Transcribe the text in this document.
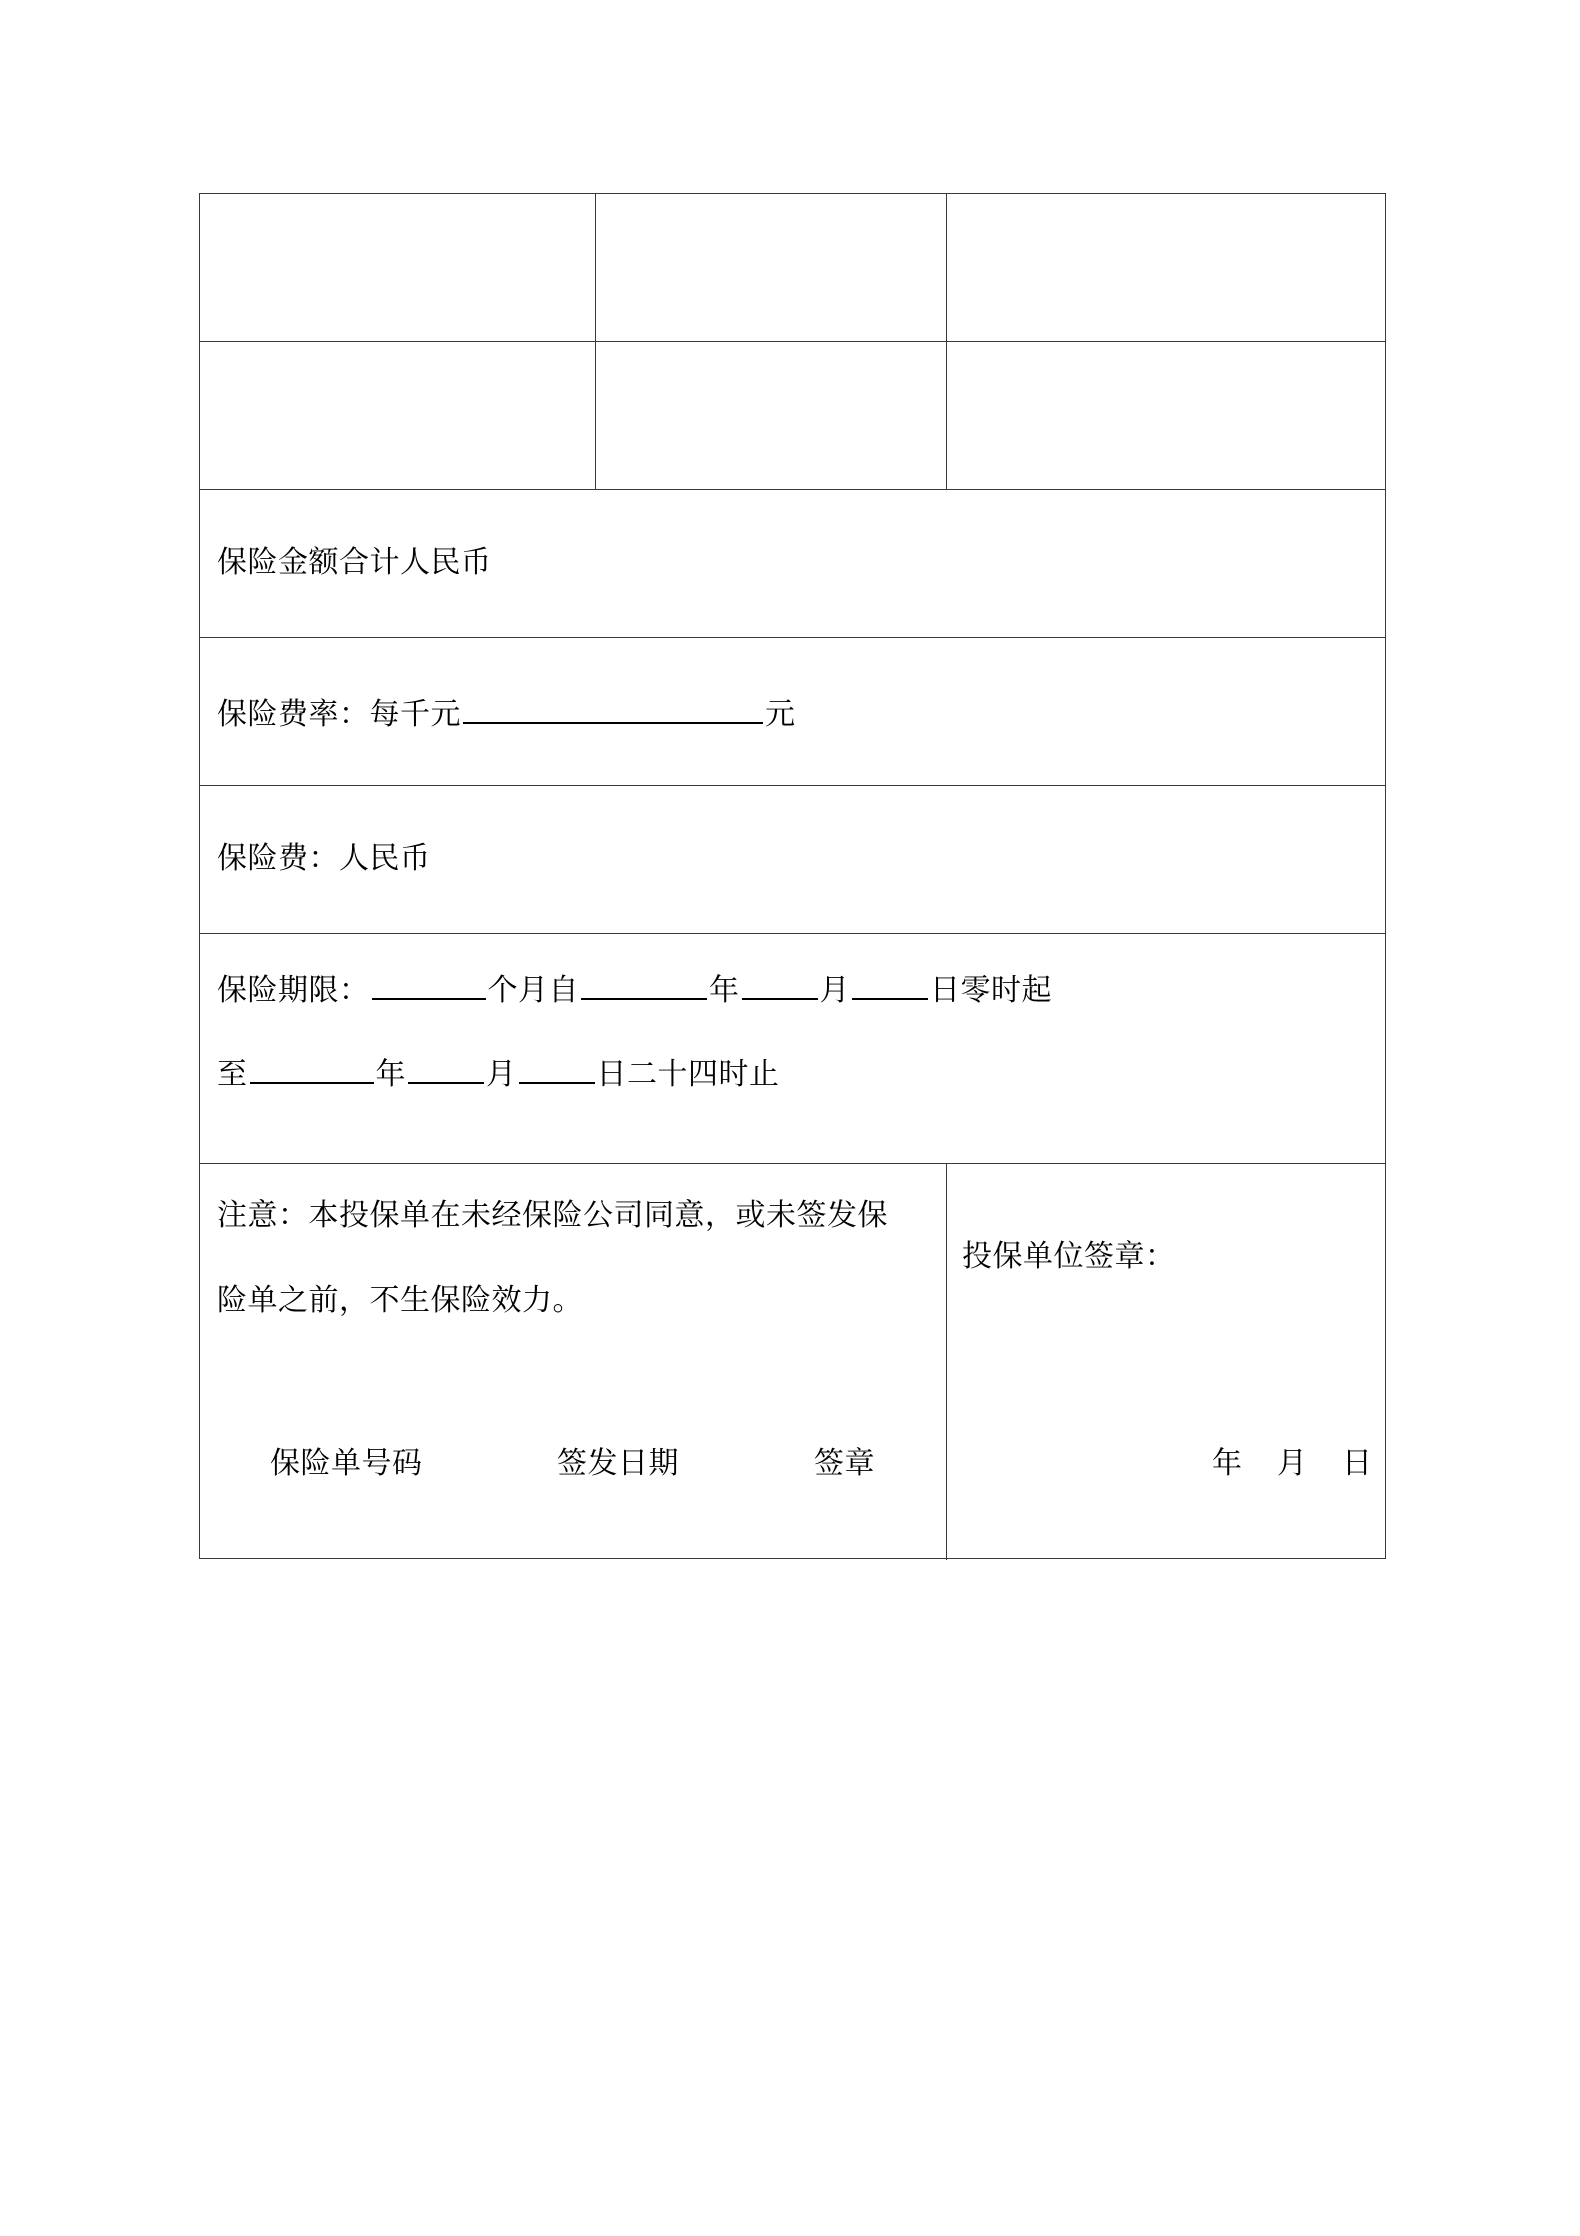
保险金额合计人民币
保险费率：每千元	元
保险费：人民币
保险期限：	个月自	年	月	日零时起
至	年	月	日二十四时止
注意：本投保单在未经保险公司同意，或未签发保
险单之前，不生保险效力。
保险单号码	签发日期	签章
投保单位签章：
年 月 日
